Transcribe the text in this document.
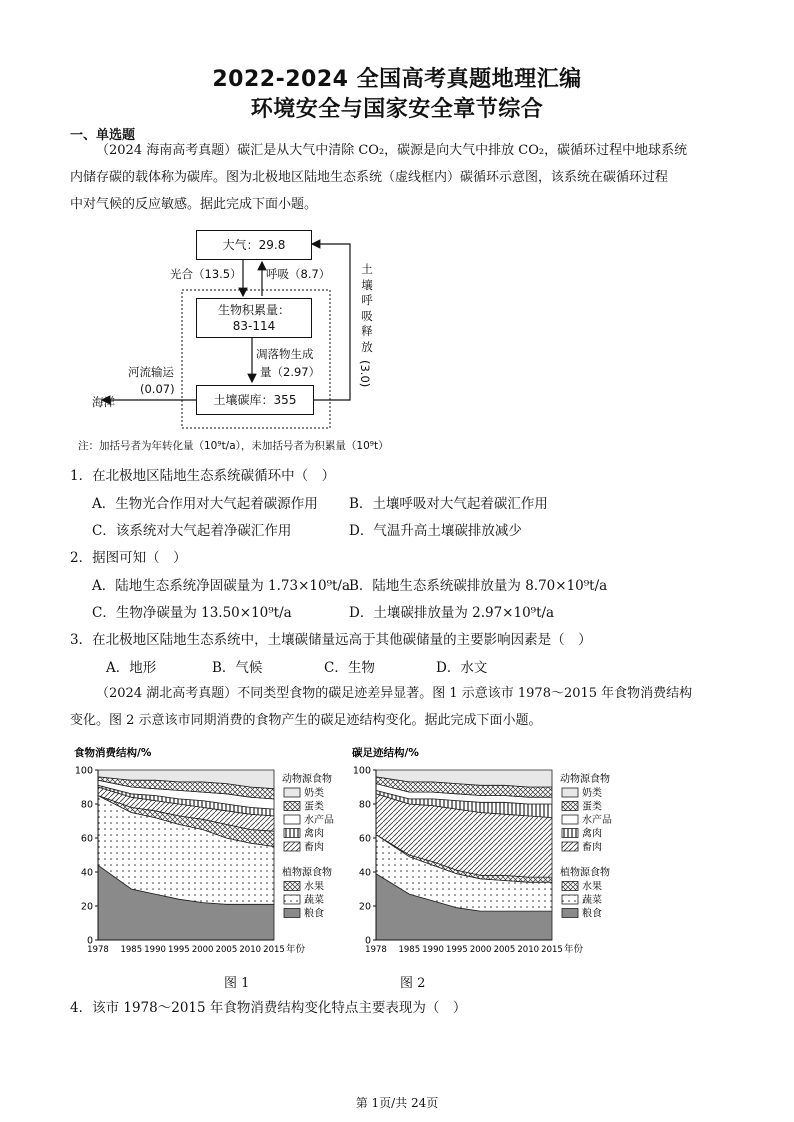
2022-2024 全国高考真题地理汇编
环境安全与国家安全章节综合
一、单选题
（2024 海南高考真题）碳汇是从大气中清除 CO₂，碳源是向大气中排放 CO₂，碳循环过程中地球系统
内储存碳的载体称为碳库。图为北极地区陆地生态系统（虚线框内）碳循环示意图，该系统在碳循环过程
中对气候的反应敏感。据此完成下面小题。
大气：29.8
生物积累量：
83-114
土壤碳库：355
光合（13.5） 呼吸（8.7）
凋落物生成
量（2.97）
河流输运
(0.07)
海洋
土
壤
呼
吸
释
放
(3.0)
注：加括号者为年转化量（10⁹t/a），未加括号者为积累量（10⁹t）
1．在北极地区陆地生态系统碳循环中（　）
A．生物光合作用对大气起着碳源作用 B．土壤呼吸对大气起着碳汇作用
C．该系统对大气起着净碳汇作用	D．气温升高土壤碳排放减少
2．据图可知（　）
A．陆地生态系统净固碳量为 1.73×10⁹t/a
B．陆地生态系统碳排放量为 8.70×10⁹t/a
C．生物净碳量为 13.50×10⁹t/a	D．土壤碳排放量为 2.97×10⁹t/a
3．在北极地区陆地生态系统中，土壤碳储量远高于其他碳储量的主要影响因素是（　）
A．地形	B．气候	C．生物	D．水文
（2024 湖北高考真题）不同类型食物的碳足迹差异显著。图 1 示意该市 1978～2015 年食物消费结构
变化。图 2 示意该市同期消费的食物产生的碳足迹结构变化。据此完成下面小题。
食物消费结构/%
0
20
40
60
80
100
1978 1985 1990 1995 2000 2005 2010 2015 年份
动物源食物
奶类
蛋类
水产品
禽肉
畜肉
植物源食物
水果
蔬菜
粮食
碳足迹结构/%
0
20
40
60
80
100
1978 1985 1990 1995 2000 2005 2010 2015 年份
动物源食物
奶类
蛋类
水产品
禽肉
畜肉
植物源食物
水果
蔬菜
粮食
图 1	图 2
4．该市 1978～2015 年食物消费结构变化特点主要表现为（　）
第 1页/共 24页
